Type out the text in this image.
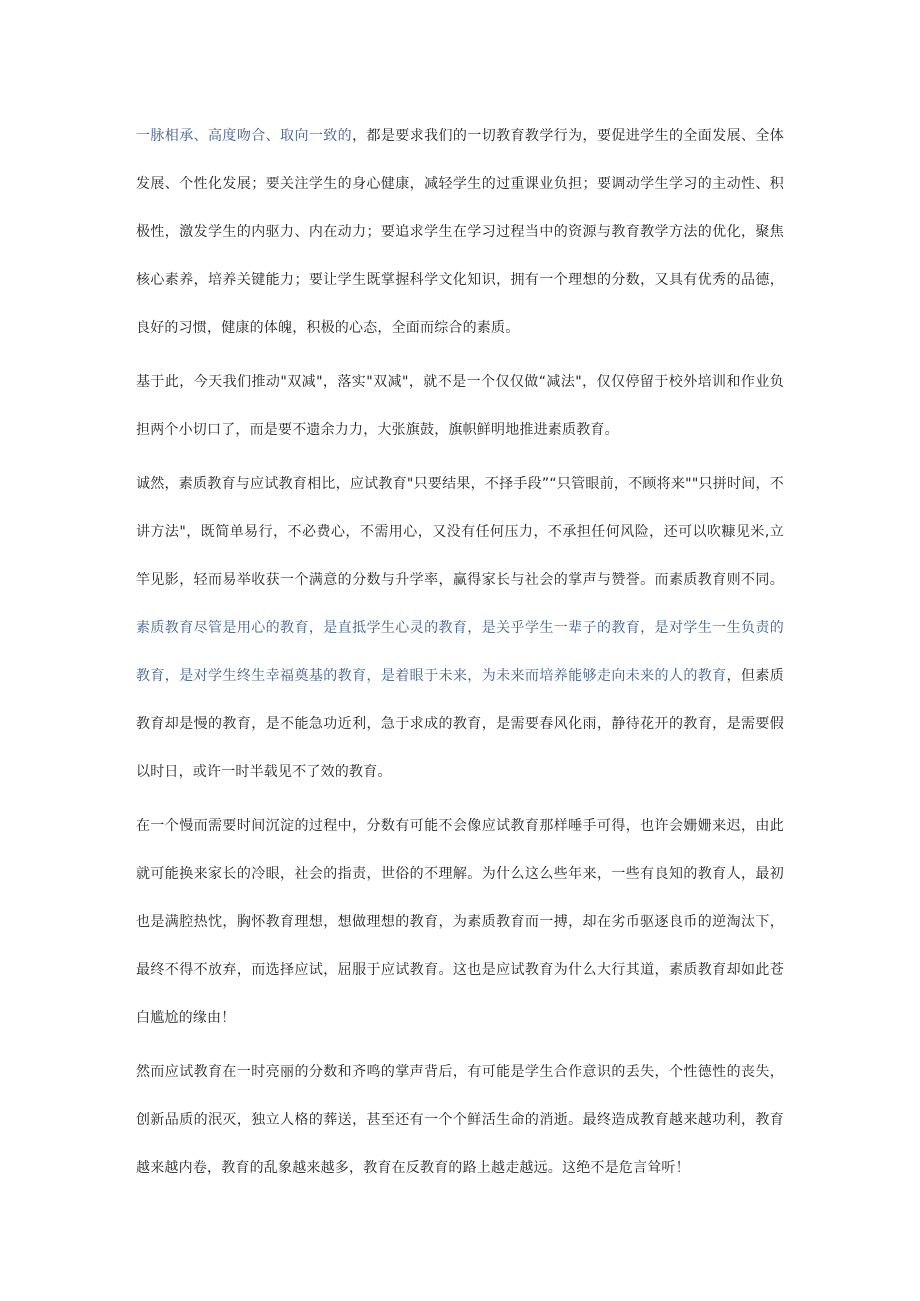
一脉相承、高度吻合、取向一致的，都是要求我们的一切教育教学行为，要促进学生的全面发展、全体发展、个性化发展；要关注学生的身心健康，减轻学生的过重课业负担；要调动学生学习的主动性、积极性，激发学生的内驱力、内在动力；要追求学生在学习过程当中的资源与教育教学方法的优化，聚焦核心素养，培养关键能力；要让学生既掌握科学文化知识，拥有一个理想的分数，又具有优秀的品德，良好的习惯，健康的体魄，积极的心态，全面而综合的素质。

基于此，今天我们推动"双减"，落实"双减"，就不是一个仅仅做“减法"，仅仅停留于校外培训和作业负担两个小切口了，而是要不遗余力力，大张旗鼓，旗帜鲜明地推进素质教育。

诚然，素质教育与应试教育相比，应试教育"只要结果，不择手段”“只管眼前，不顾将来""只拼时间，不讲方法"，既简单易行，不必费心，不需用心，又没有任何压力，不承担任何风险，还可以吹糠见米,立竿见影，轻而易举收获一个满意的分数与升学率，赢得家长与社会的掌声与赞誉。而素质教育则不同。素质教育尽管是用心的教育，是直抵学生心灵的教育，是关乎学生一辈子的教育，是对学生一生负责的教育，是对学生终生幸福奠基的教育，是着眼于未来，为未来而培养能够走向未来的人的教育，但素质教育却是慢的教育，是不能急功近利，急于求成的教育，是需要春风化雨，静待花开的教育，是需要假以时日，或许一时半载见不了效的教育。

在一个慢而需要时间沉淀的过程中，分数有可能不会像应试教育那样唾手可得，也许会姗姗来迟，由此就可能换来家长的冷眼，社会的指责，世俗的不理解。为什么这么些年来，一些有良知的教育人，最初也是满腔热忱，胸怀教育理想，想做理想的教育，为素质教育而一搏，却在劣币驱逐良币的逆淘汰下，最终不得不放弃，而选择应试，屈服于应试教育。这也是应试教育为什么大行其道，素质教育却如此苍白尴尬的缘由！

然而应试教育在一时亮丽的分数和齐鸣的掌声背后，有可能是学生合作意识的丢失，个性德性的丧失，创新品质的泯灭，独立人格的葬送，甚至还有一个个鲜活生命的消逝。最终造成教育越来越功利，教育越来越内卷，教育的乱象越来越多，教育在反教育的路上越走越远。这绝不是危言耸听！
